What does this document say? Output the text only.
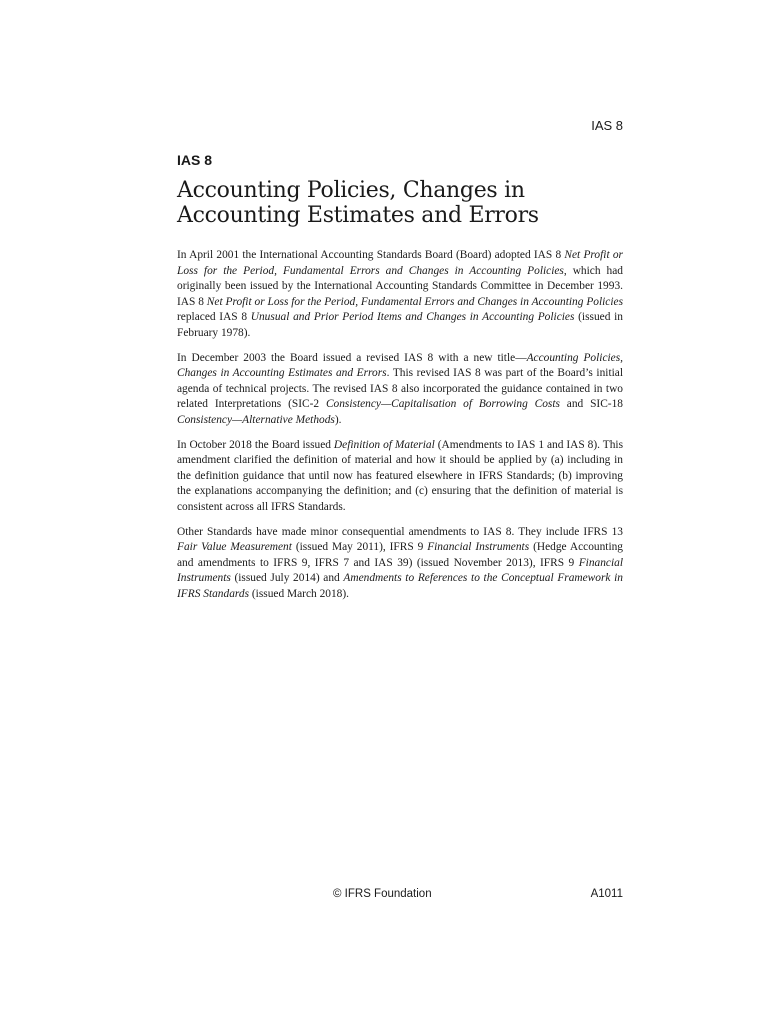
IAS 8
IAS 8
Accounting Policies, Changes in
Accounting Estimates and Errors

In April 2001 the International Accounting Standards Board (Board) adopted IAS 8 Net Profit or Loss for the Period, Fundamental Errors and Changes in Accounting Policies, which had originally been issued by the International Accounting Standards Committee in December 1993. IAS 8 Net Profit or Loss for the Period, Fundamental Errors and Changes in Accounting Policies replaced IAS 8 Unusual and Prior Period Items and Changes in Accounting Policies (issued in February 1978).

In December 2003 the Board issued a revised IAS 8 with a new title—Accounting Policies, Changes in Accounting Estimates and Errors. This revised IAS 8 was part of the Board’s initial agenda of technical projects. The revised IAS 8 also incorporated the guidance contained in two related Interpretations (SIC-2 Consistency—Capitalisation of Borrowing Costs and SIC-18 Consistency—Alternative Methods).

In October 2018 the Board issued Definition of Material (Amendments to IAS 1 and IAS 8). This amendment clarified the definition of material and how it should be applied by (a) including in the definition guidance that until now has featured elsewhere in IFRS Standards; (b) improving the explanations accompanying the definition; and (c) ensuring that the definition of material is consistent across all IFRS Standards.

Other Standards have made minor consequential amendments to IAS 8. They include IFRS 13 Fair Value Measurement (issued May 2011), IFRS 9 Financial Instruments (Hedge Accounting and amendments to IFRS 9, IFRS 7 and IAS 39) (issued November 2013), IFRS 9 Financial Instruments (issued July 2014) and Amendments to References to the Conceptual Framework in IFRS Standards (issued March 2018).

© IFRS Foundation	A1011
